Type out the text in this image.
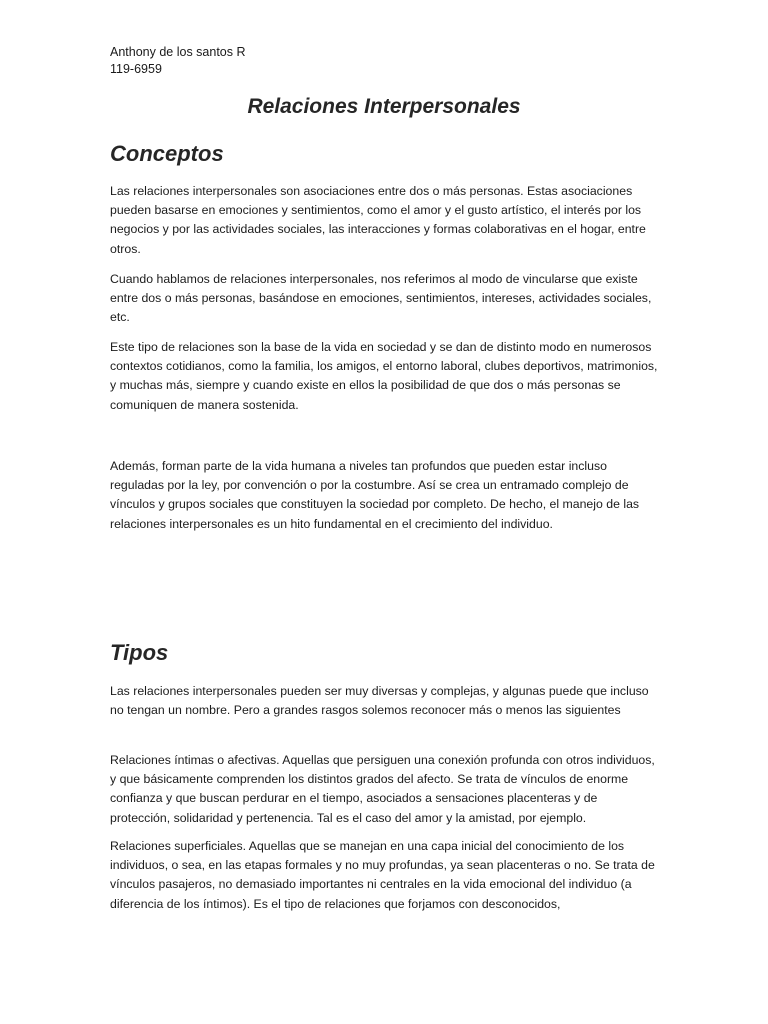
Anthony de los santos R
119-6959
Relaciones Interpersonales
Conceptos

Las relaciones interpersonales son asociaciones entre dos o más personas. Estas asociaciones pueden basarse en emociones y sentimientos, como el amor y el gusto artístico, el interés por los negocios y por las actividades sociales, las interacciones y formas colaborativas en el hogar, entre otros.

Cuando hablamos de relaciones interpersonales, nos referimos al modo de vincularse que existe entre dos o más personas, basándose en emociones, sentimientos, intereses, actividades sociales, etc.

Este tipo de relaciones son la base de la vida en sociedad y se dan de distinto modo en numerosos contextos cotidianos, como la familia, los amigos, el entorno laboral, clubes deportivos, matrimonios, y muchas más, siempre y cuando existe en ellos la posibilidad de que dos o más personas se comuniquen de manera sostenida.

Además, forman parte de la vida humana a niveles tan profundos que pueden estar incluso reguladas por la ley, por convención o por la costumbre. Así se crea un entramado complejo de vínculos y grupos sociales que constituyen la sociedad por completo. De hecho, el manejo de las relaciones interpersonales es un hito fundamental en el crecimiento del individuo.

Tipos

Las relaciones interpersonales pueden ser muy diversas y complejas, y algunas puede que incluso no tengan un nombre. Pero a grandes rasgos solemos reconocer más o menos las siguientes

Relaciones íntimas o afectivas. Aquellas que persiguen una conexión profunda con otros individuos, y que básicamente comprenden los distintos grados del afecto. Se trata de vínculos de enorme confianza y que buscan perdurar en el tiempo, asociados a sensaciones placenteras y de protección, solidaridad y pertenencia. Tal es el caso del amor y la amistad, por ejemplo.

Relaciones superficiales. Aquellas que se manejan en una capa inicial del conocimiento de los individuos, o sea, en las etapas formales y no muy profundas, ya sean placenteras o no. Se trata de vínculos pasajeros, no demasiado importantes ni centrales en la vida emocional del individuo (a diferencia de los íntimos). Es el tipo de relaciones que forjamos con desconocidos,
